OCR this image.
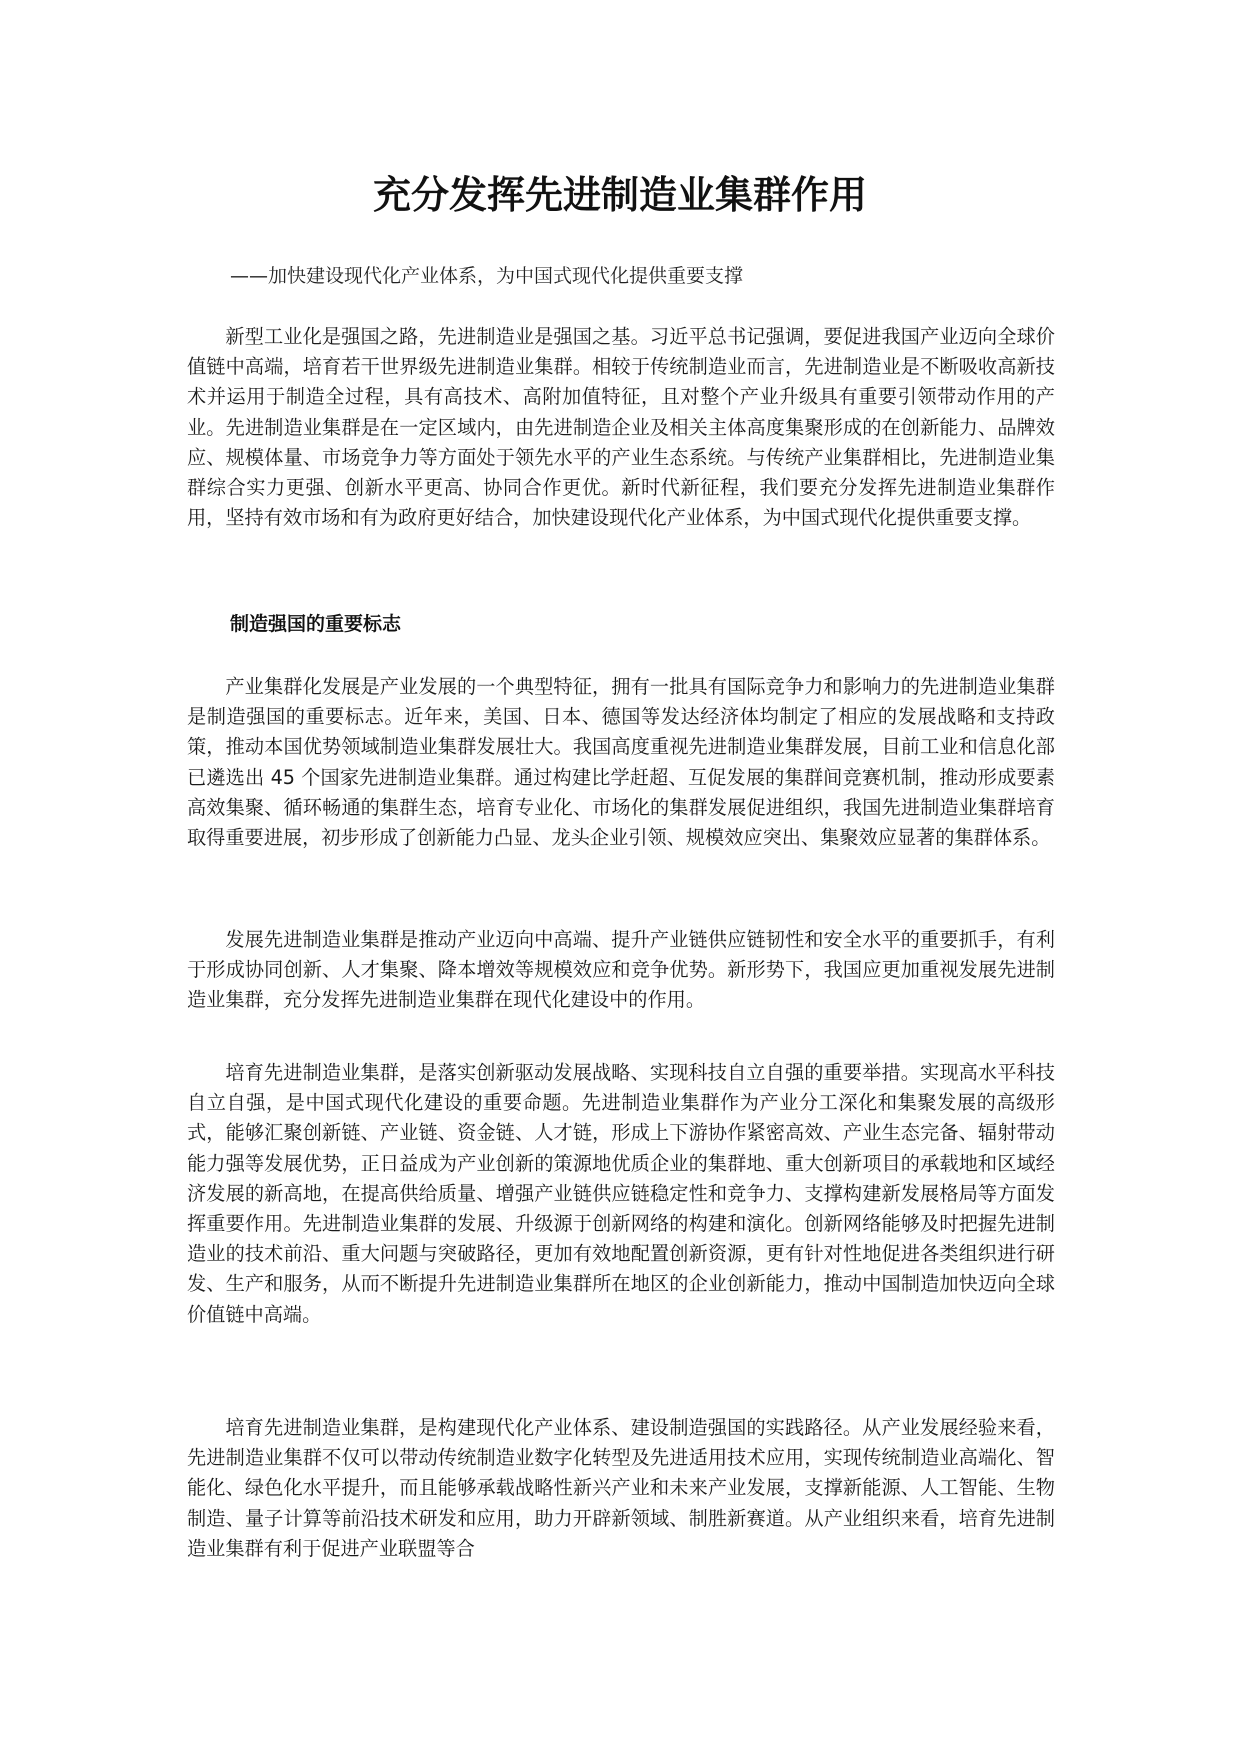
充分发挥先进制造业集群作用
——加快建设现代化产业体系，为中国式现代化提供重要支撑

新型工业化是强国之路，先进制造业是强国之基。习近平总书记强调，要促进我国产业迈向全球价值链中高端，培育若干世界级先进制造业集群。相较于传统制造业而言，先进制造业是不断吸收高新技术并运用于制造全过程，具有高技术、高附加值特征，且对整个产业升级具有重要引领带动作用的产业。先进制造业集群是在一定区域内，由先进制造企业及相关主体高度集聚形成的在创新能力、品牌效应、规模体量、市场竞争力等方面处于领先水平的产业生态系统。与传统产业集群相比，先进制造业集群综合实力更强、创新水平更高、协同合作更优。新时代新征程，我们要充分发挥先进制造业集群作用，坚持有效市场和有为政府更好结合，加快建设现代化产业体系，为中国式现代化提供重要支撑。

制造强国的重要标志

产业集群化发展是产业发展的一个典型特征，拥有一批具有国际竞争力和影响力的先进制造业集群是制造强国的重要标志。近年来，美国、日本、德国等发达经济体均制定了相应的发展战略和支持政策，推动本国优势领域制造业集群发展壮大。我国高度重视先进制造业集群发展，目前工业和信息化部已遴选出 45 个国家先进制造业集群。通过构建比学赶超、互促发展的集群间竞赛机制，推动形成要素高效集聚、循环畅通的集群生态，培育专业化、市场化的集群发展促进组织，我国先进制造业集群培育取得重要进展，初步形成了创新能力凸显、龙头企业引领、规模效应突出、集聚效应显著的集群体系。

发展先进制造业集群是推动产业迈向中高端、提升产业链供应链韧性和安全水平的重要抓手，有利于形成协同创新、人才集聚、降本增效等规模效应和竞争优势。新形势下，我国应更加重视发展先进制造业集群，充分发挥先进制造业集群在现代化建设中的作用。

培育先进制造业集群，是落实创新驱动发展战略、实现科技自立自强的重要举措。实现高水平科技自立自强，是中国式现代化建设的重要命题。先进制造业集群作为产业分工深化和集聚发展的高级形式，能够汇聚创新链、产业链、资金链、人才链，形成上下游协作紧密高效、产业生态完备、辐射带动能力强等发展优势，正日益成为产业创新的策源地优质企业的集群地、重大创新项目的承载地和区域经济发展的新高地，在提高供给质量、增强产业链供应链稳定性和竞争力、支撑构建新发展格局等方面发挥重要作用。先进制造业集群的发展、升级源于创新网络的构建和演化。创新网络能够及时把握先进制造业的技术前沿、重大问题与突破路径，更加有效地配置创新资源，更有针对性地促进各类组织进行研发、生产和服务，从而不断提升先进制造业集群所在地区的企业创新能力，推动中国制造加快迈向全球价值链中高端。

培育先进制造业集群，是构建现代化产业体系、建设制造强国的实践路径。从产业发展经验来看，先进制造业集群不仅可以带动传统制造业数字化转型及先进适用技术应用，实现传统制造业高端化、智能化、绿色化水平提升，而且能够承载战略性新兴产业和未来产业发展，支撑新能源、人工智能、生物制造、量子计算等前沿技术研发和应用，助力开辟新领域、制胜新赛道。从产业组织来看，培育先进制造业集群有利于促进产业联盟等合
